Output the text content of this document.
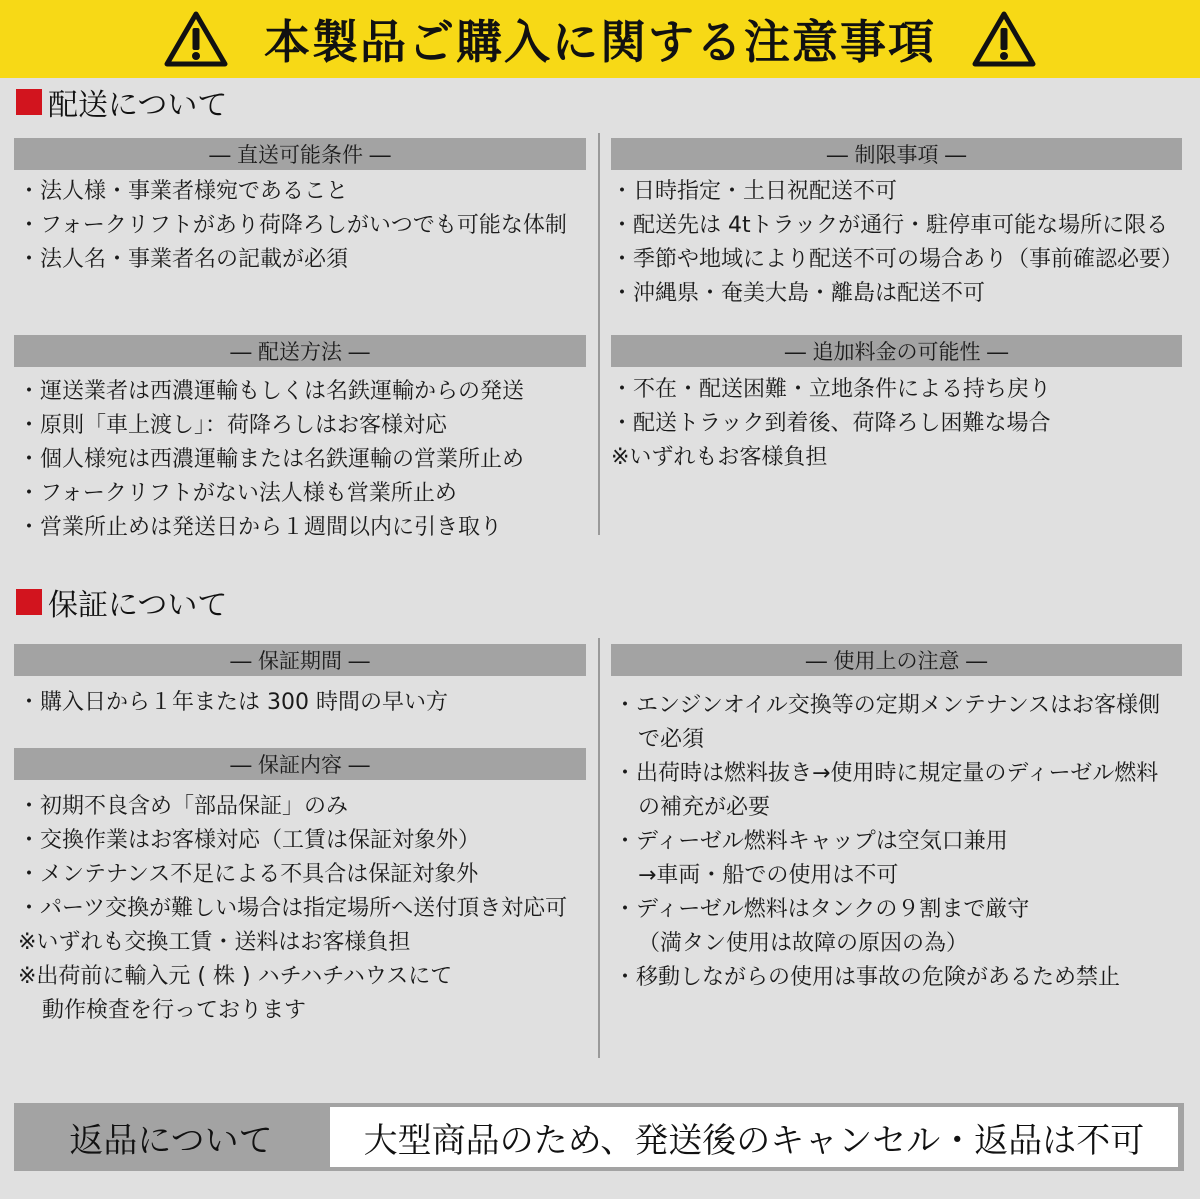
本製品ご購入に関する注意事項
配送について
― 直送可能条件 ―
・法人様・事業者様宛であること
・フォークリフトがあり荷降ろしがいつでも可能な体制
・法人名・事業者名の記載が必須
― 制限事項 ―
・日時指定・土日祝配送不可
・配送先は 4tトラックが通行・駐停車可能な場所に限る
・季節や地域により配送不可の場合あり（事前確認必要）
・沖縄県・奄美大島・離島は配送不可
― 配送方法 ―
・運送業者は西濃運輸もしくは名鉄運輸からの発送
・原則「車上渡し」：荷降ろしはお客様対応
・個人様宛は西濃運輸または名鉄運輸の営業所止め
・フォークリフトがない法人様も営業所止め
・営業所止めは発送日から１週間以内に引き取り
― 追加料金の可能性 ―
・不在・配送困難・立地条件による持ち戻り
・配送トラック到着後、荷降ろし困難な場合
※いずれもお客様負担
保証について
― 保証期間 ―
・購入日から１年または 300 時間の早い方
― 保証内容 ―
・初期不良含め「部品保証」のみ
・交換作業はお客様対応（工賃は保証対象外）
・メンテナンス不足による不具合は保証対象外
・パーツ交換が難しい場合は指定場所へ送付頂き対応可
※いずれも交換工賃・送料はお客様負担
※出荷前に輸入元 ( 株 ) ハチハチハウスにて
動作検査を行っております
― 使用上の注意 ―
・エンジンオイル交換等の定期メンテナンスはお客様側
で必須
・出荷時は燃料抜き→使用時に規定量のディーゼル燃料
の補充が必要
・ディーゼル燃料キャップは空気口兼用
→車両・船での使用は不可
・ディーゼル燃料はタンクの９割まで厳守
（満タン使用は故障の原因の為）
・移動しながらの使用は事故の危険があるため禁止
返品について	大型商品のため、発送後のキャンセル・返品は不可
